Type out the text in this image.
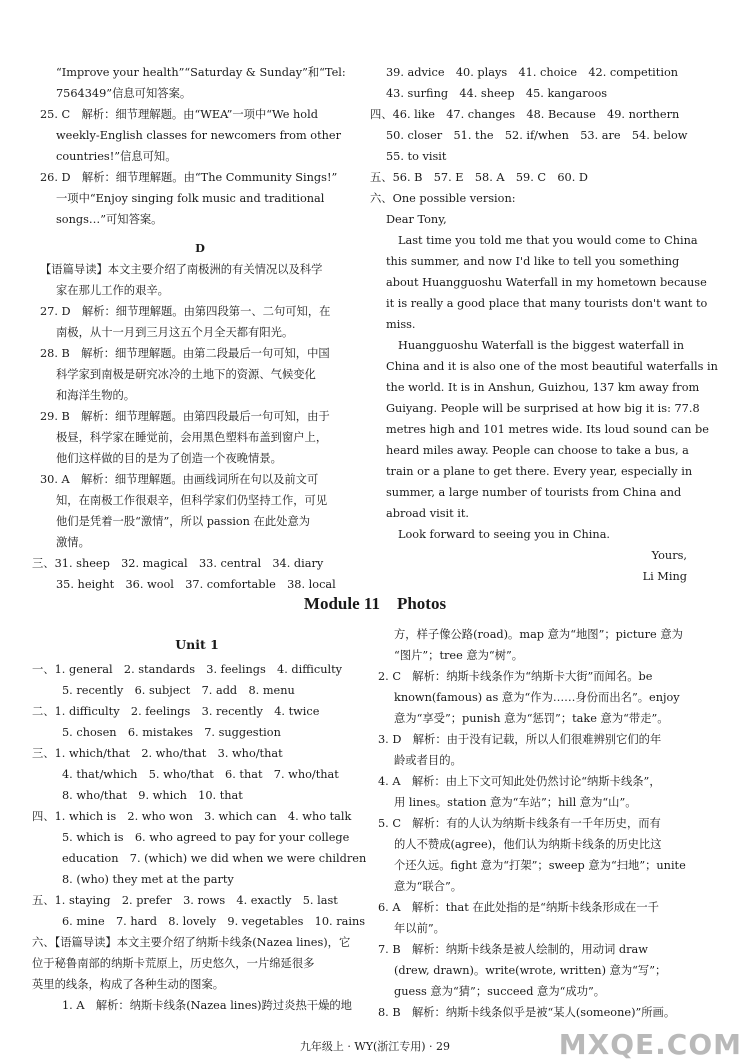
“Improve your health”“Saturday & Sunday”和“Tel:
7564349”信息可知答案。
25. C　解析：细节理解题。由“WEA”一项中“We hold
weekly-English classes for newcomers from other
countries!”信息可知。
26. D　解析：细节理解题。由“The Community Sings!”
一项中“Enjoy singing folk music and traditional
songs…”可知答案。
D
【语篇导读】本文主要介绍了南极洲的有关情况以及科学
家在那儿工作的艰辛。
27. D　解析：细节理解题。由第四段第一、二句可知，在
南极，从十一月到三月这五个月全天都有阳光。
28. B　解析：细节理解题。由第二段最后一句可知，中国
科学家到南极是研究冰冷的土地下的资源、气候变化
和海洋生物的。
29. B　解析：细节理解题。由第四段最后一句可知，由于
极昼，科学家在睡觉前，会用黑色塑料布盖到窗户上，
他们这样做的目的是为了创造一个夜晚情景。
30. A　解析：细节理解题。由画线词所在句以及前文可
知，在南极工作很艰辛，但科学家们仍坚持工作，可见
他们是凭着一股“激情”，所以 passion 在此处意为
激情。
三、31. sheep　32. magical　33. central　34. diary
35. height　36. wool　37. comfortable　38. local
39. advice　40. plays　41. choice　42. competition
43. surfing　44. sheep　45. kangaroos
四、46. like　47. changes　48. Because　49. northern
50. closer　51. the　52. if/when　53. are　54. below
55. to visit
五、56. B　57. E　58. A　59. C　60. D
六、One possible version:
Dear Tony,
Last time you told me that you would come to China
this summer, and now I'd like to tell you something
about Huangguoshu Waterfall in my hometown because
it is really a good place that many tourists don't want to
miss.
Huangguoshu Waterfall is the biggest waterfall in
China and it is also one of the most beautiful waterfalls in
the world. It is in Anshun, Guizhou, 137 km away from
Guiyang. People will be surprised at how big it is: 77.8
metres high and 101 metres wide. Its loud sound can be
heard miles away. People can choose to take a bus, a
train or a plane to get there. Every year, especially in
summer, a large number of tourists from China and
abroad visit it.
Look forward to seeing you in China.
Yours,
Li Ming
Module 11　Photos
Unit 1
一、1. general　2. standards　3. feelings　4. difficulty
5. recently　6. subject　7. add　8. menu
二、1. difficulty　2. feelings　3. recently　4. twice
5. chosen　6. mistakes　7. suggestion
三、1. which/that　2. who/that　3. who/that
4. that/which　5. who/that　6. that　7. who/that
8. who/that　9. which　10. that
四、1. which is　2. who won　3. which can　4. who talk
5. which is　6. who agreed to pay for your college
education　7. (which) we did when we were children
8. (who) they met at the party
五、1. staying　2. prefer　3. rows　4. exactly　5. last
6. mine　7. hard　8. lovely　9. vegetables　10. rains
六、【语篇导读】本文主要介绍了纳斯卡线条(Nazea lines)，它
位于秘鲁南部的纳斯卡荒原上，历史悠久，一片绵延很多
英里的线条，构成了各种生动的图案。
1. A　解析：纳斯卡线条(Nazea lines)跨过炎热干燥的地
方，样子像公路(road)。map 意为“地图”；picture 意为
“图片”；tree 意为“树”。
2. C　解析：纳斯卡线条作为“纳斯卡大街”而闻名。be
known(famous) as 意为“作为……身份而出名”。enjoy
意为“享受”；punish 意为“惩罚”；take 意为“带走”。
3. D　解析：由于没有记载，所以人们很难辨别它们的年
龄或者目的。
4. A　解析：由上下文可知此处仍然讨论“纳斯卡线条”，
用 lines。station 意为“车站”；hill 意为“山”。
5. C　解析：有的人认为纳斯卡线条有一千年历史，而有
的人不赞成(agree)，他们认为纳斯卡线条的历史比这
个还久远。fight 意为“打架”；sweep 意为“扫地”；unite
意为“联合”。
6. A　解析：that 在此处指的是“纳斯卡线条形成在一千
年以前”。
7. B　解析：纳斯卡线条是被人绘制的，用动词 draw
(drew, drawn)。write(wrote, written) 意为“写”；
guess 意为“猜”；succeed 意为“成功”。
8. B　解析：纳斯卡线条似乎是被“某人(someone)”所画。
九年级上 · WY(浙江专用) · 29	MXQE.COM
